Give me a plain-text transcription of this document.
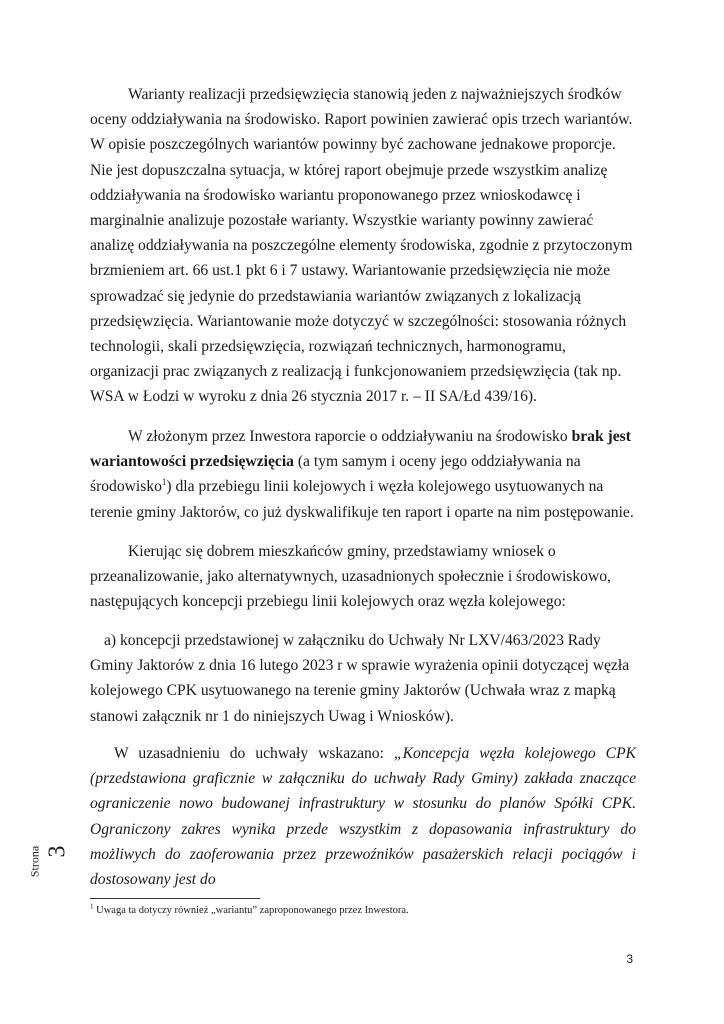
Warianty realizacji przedsięwzięcia stanowią jeden z najważniejszych środków oceny oddziaływania na środowisko. Raport powinien zawierać opis trzech wariantów. W opisie poszczególnych wariantów powinny być zachowane jednakowe proporcje. Nie jest dopuszczalna sytuacja, w której raport obejmuje przede wszystkim analizę oddziaływania na środowisko wariantu proponowanego przez wnioskodawcę i marginalnie analizuje pozostałe warianty. Wszystkie warianty powinny zawierać analizę oddziaływania na poszczególne elementy środowiska, zgodnie z przytoczonym brzmieniem art. 66 ust.1 pkt 6 i 7 ustawy. Wariantowanie przedsięwzięcia nie może sprowadzać się jedynie do przedstawiania wariantów związanych z lokalizacją przedsięwzięcia. Wariantowanie może dotyczyć w szczególności: stosowania różnych technologii, skali przedsięwzięcia, rozwiązań technicznych, harmonogramu, organizacji prac związanych z realizacją i funkcjonowaniem przedsięwzięcia (tak np. WSA w Łodzi w wyroku z dnia 26 stycznia 2017 r. – II SA/Łd 439/16).

W złożonym przez Inwestora raporcie o oddziaływaniu na środowisko brak jest wariantowości przedsięwzięcia (a tym samym i oceny jego oddziaływania na środowisko$^1$) dla przebiegu linii kolejowych i węzła kolejowego usytuowanych na terenie gminy Jaktorów, co już dyskwalifikuje ten raport i oparte na nim postępowanie.

Kierując się dobrem mieszkańców gminy, przedstawiamy wniosek o przeanalizowanie, jako alternatywnych, uzasadnionych społecznie i środowiskowo, następujących koncepcji przebiegu linii kolejowych oraz węzła kolejowego:

a) koncepcji przedstawionej w załączniku do Uchwały Nr LXV/463/2023 Rady Gminy Jaktorów z dnia 16 lutego 2023 r w sprawie wyrażenia opinii dotyczącej węzła kolejowego CPK usytuowanego na terenie gminy Jaktorów (Uchwała wraz z mapką stanowi załącznik nr 1 do niniejszych Uwag i Wniosków).

W uzasadnieniu do uchwały wskazano: „Koncepcja węzła kolejowego CPK (przedstawiona graficznie w załączniku do uchwały Rady Gminy) zakłada znaczące ograniczenie nowo budowanej infrastruktury w stosunku do planów Spółki CPK. Ograniczony zakres wynika przede wszystkim z dopasowania infrastruktury do możliwych do zaoferowania przez przewoźników pasażerskich relacji pociągów i dostosowany jest do

Strona 3
$^1$ Uwaga ta dotyczy również „wariantu” zaproponowanego przez Inwestora.
3
